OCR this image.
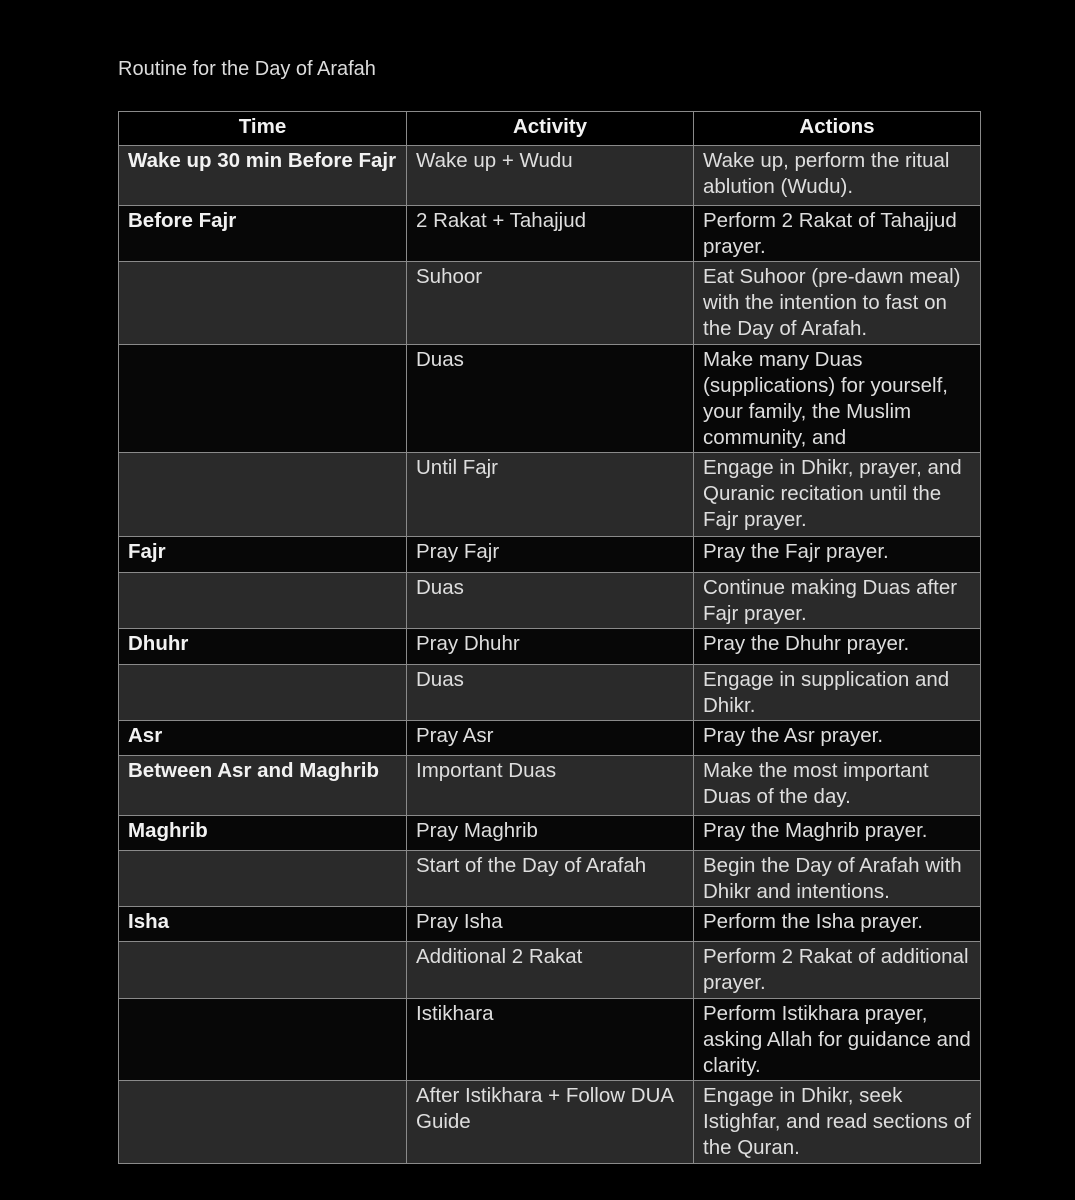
Routine for the Day of Arafah
Time	Activity	Actions
Wake up 30 min Before Fajr	Wake up + Wudu	Wake up, perform the ritual ablution (Wudu).
Before Fajr	2 Rakat + Tahajjud	Perform 2 Rakat of Tahajjud prayer.
	Suhoor	Eat Suhoor (pre-dawn meal) with the intention to fast on the Day of Arafah.
	Duas	Make many Duas (supplications) for yourself, your family, the Muslim community, and
	Until Fajr	Engage in Dhikr, prayer, and Quranic recitation until the Fajr prayer.
Fajr	Pray Fajr	Pray the Fajr prayer.
	Duas	Continue making Duas after Fajr prayer.
Dhuhr	Pray Dhuhr	Pray the Dhuhr prayer.
	Duas	Engage in supplication and Dhikr.
Asr	Pray Asr	Pray the Asr prayer.
Between Asr and Maghrib	Important Duas	Make the most important Duas of the day.
Maghrib	Pray Maghrib	Pray the Maghrib prayer.
	Start of the Day of Arafah	Begin the Day of Arafah with Dhikr and intentions.
Isha	Pray Isha	Perform the Isha prayer.
	Additional 2 Rakat	Perform 2 Rakat of additional prayer.
	Istikhara	Perform Istikhara prayer, asking Allah for guidance and clarity.
	After Istikhara + Follow DUA Guide	Engage in Dhikr, seek Istighfar, and read sections of the Quran.
